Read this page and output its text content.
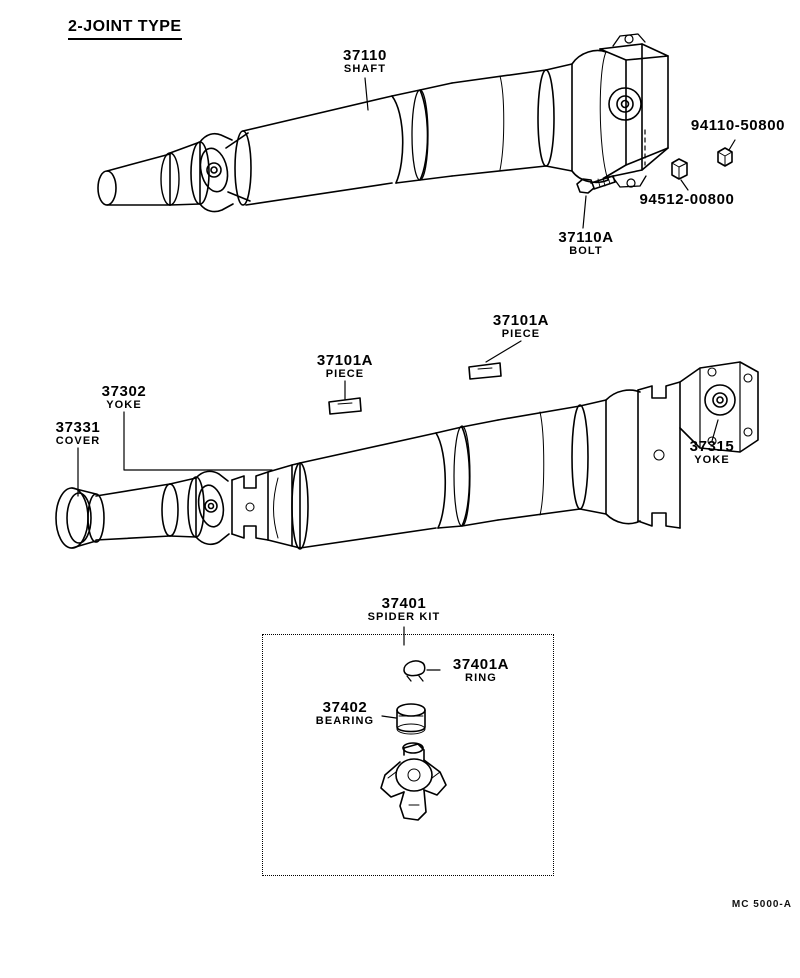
2-JOINT TYPE
37110
SHAFT
94110-50800
94512-00800
37110A
BOLT
37101A
PIECE
37101A
PIECE
37302
YOKE
37331
COVER	37315
YOKE
37401
SPIDER KIT
37401A
RING
37402
BEARING
MC 5000-A
